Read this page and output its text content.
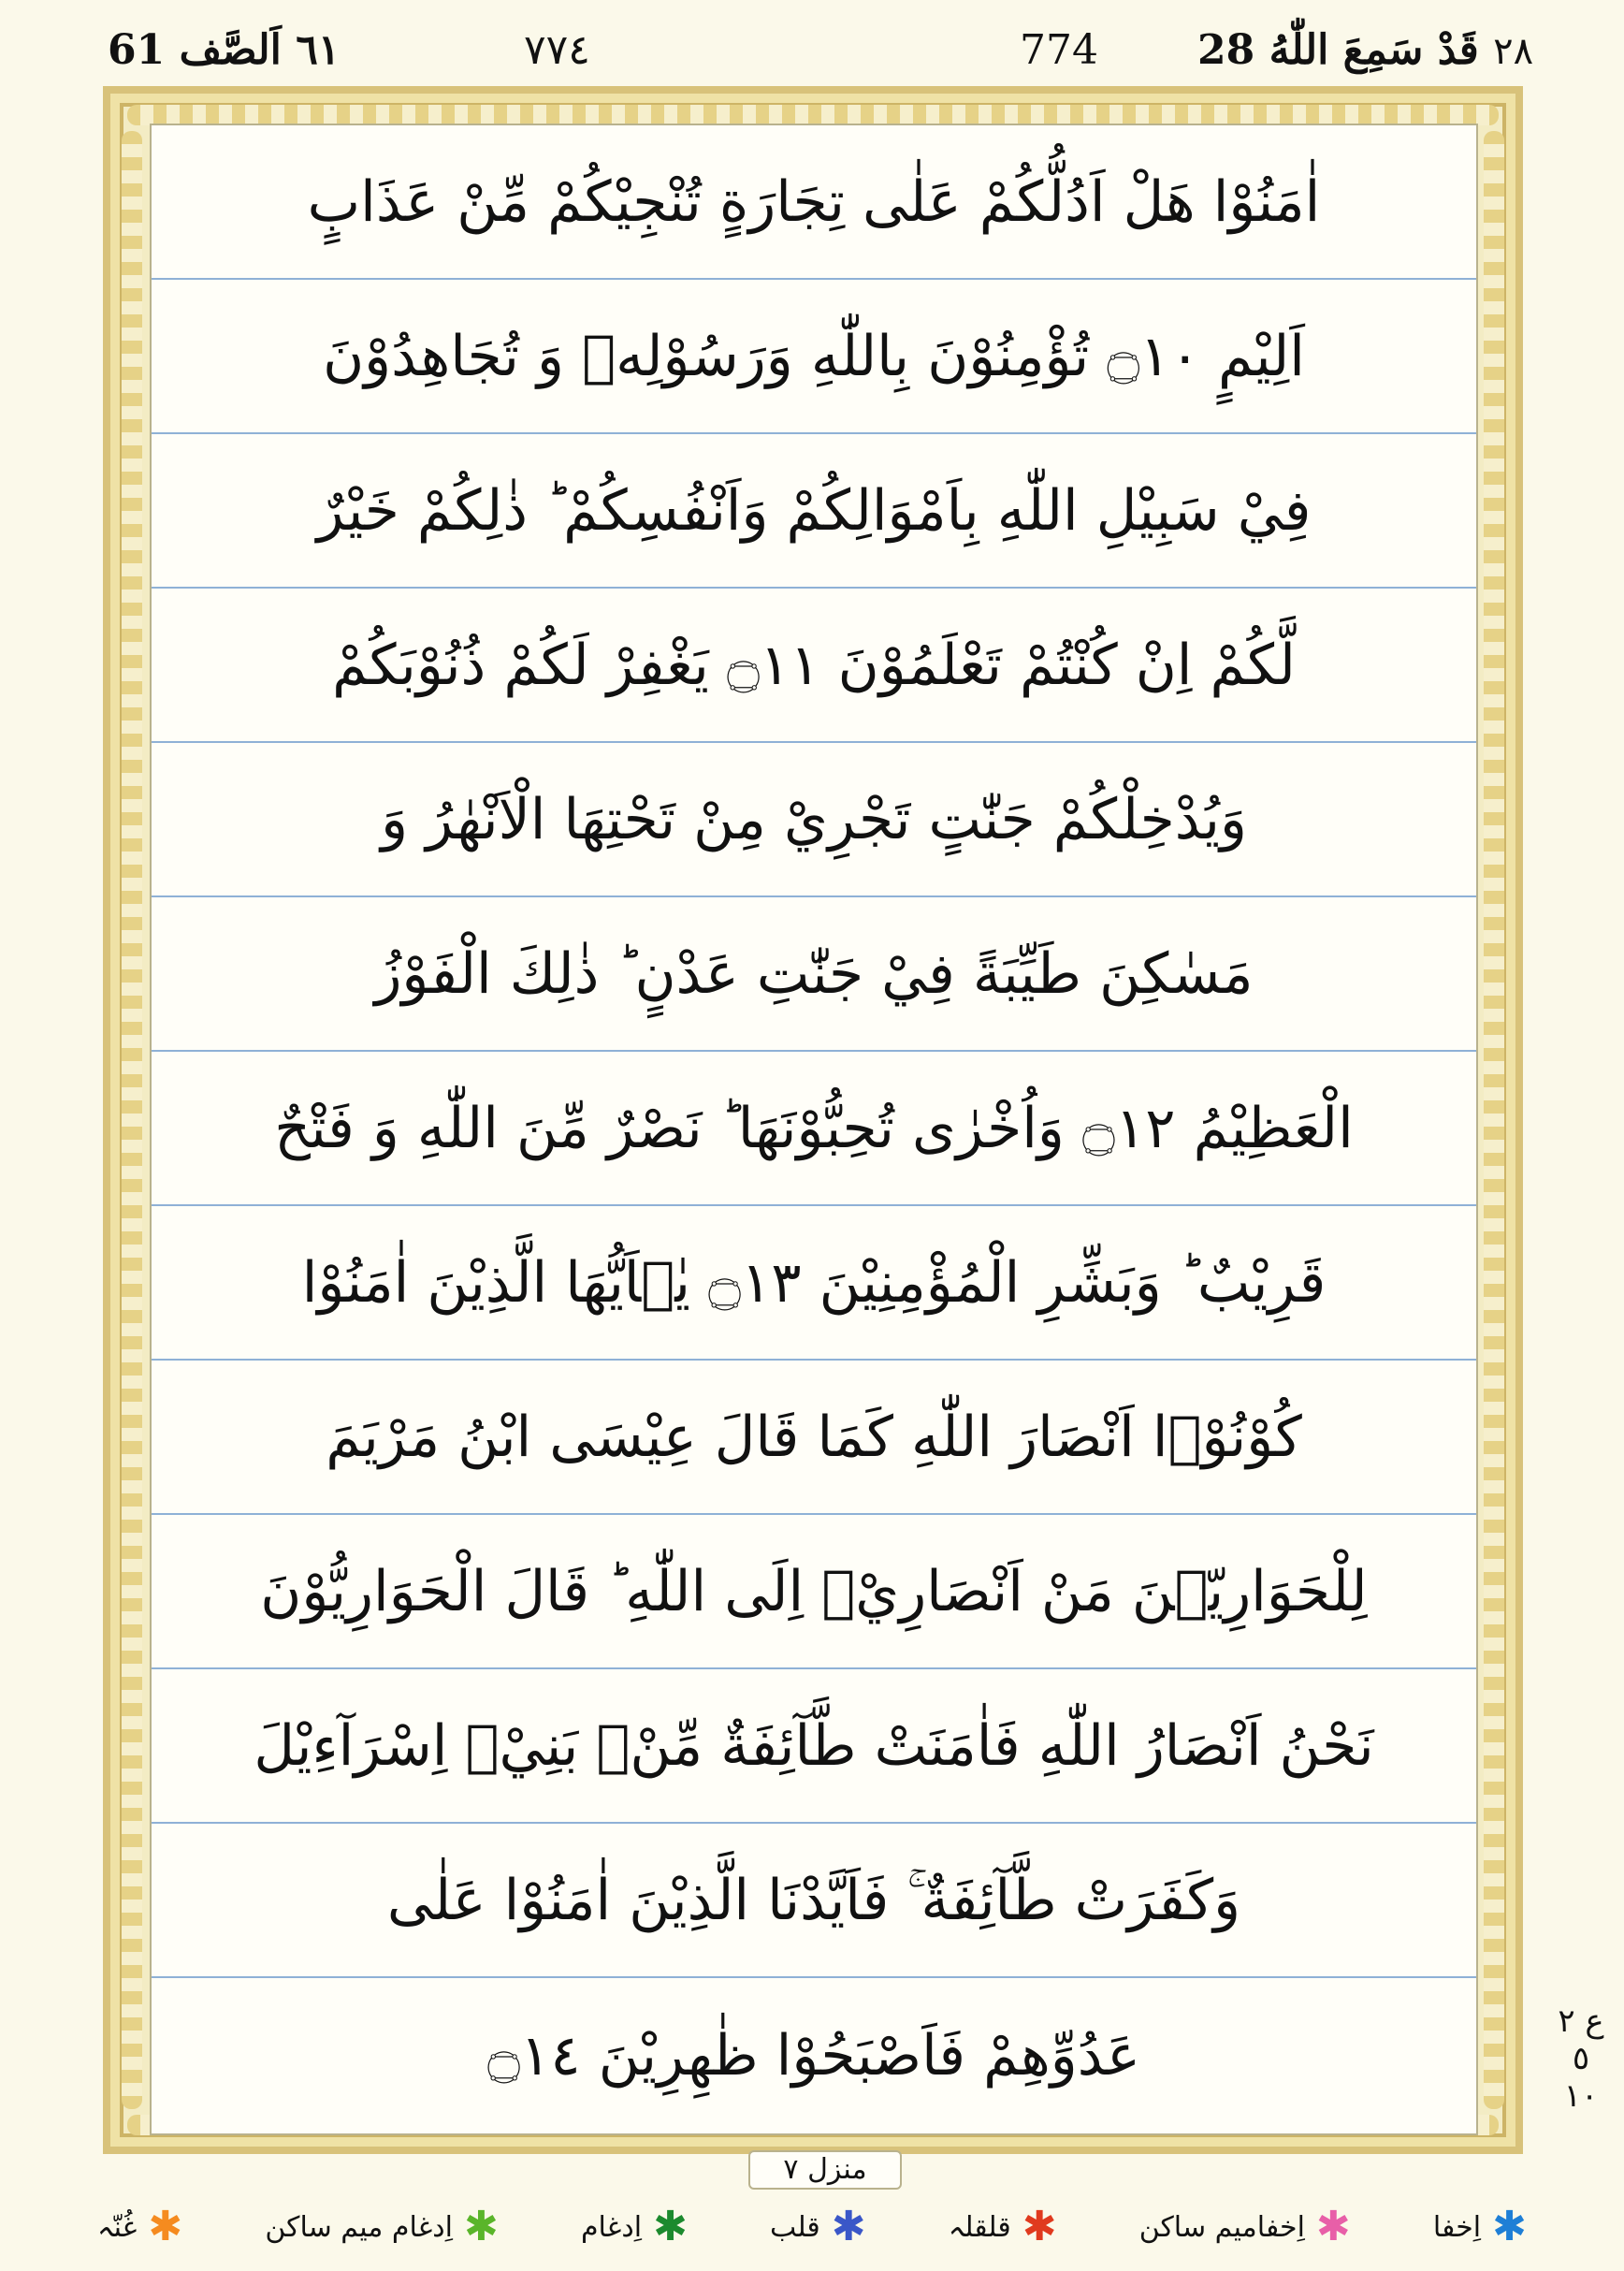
٦١ اَلصَّف 61	٧٧٤	774	٢٨ قَدْ سَمِعَ اللّٰهُ 28
اٰمَنُوْا هَلْ اَدُلُّكُمْ عَلٰى تِجَارَةٍ تُنْجِيْكُمْ مِّنْ عَذَابٍ
اَلِيْمٍ ۝١٠ تُؤْمِنُوْنَ بِاللّٰهِ وَرَسُوْلِهٖ وَ تُجَاهِدُوْنَ
فِيْ سَبِيْلِ اللّٰهِ بِاَمْوَالِكُمْ وَاَنْفُسِكُمْ ؕ ذٰلِكُمْ خَيْرٌ
لَّكُمْ اِنْ كُنْتُمْ تَعْلَمُوْنَ ۝١١ يَغْفِرْ لَكُمْ ذُنُوْبَكُمْ
وَيُدْخِلْكُمْ جَنّٰتٍ تَجْرِيْ مِنْ تَحْتِهَا الْاَنْهٰرُ وَ
مَسٰكِنَ طَيِّبَةً فِيْ جَنّٰتِ عَدْنٍ ؕ ذٰلِكَ الْفَوْزُ
الْعَظِيْمُ ۝١٢ وَاُخْرٰى تُحِبُّوْنَهَا ؕ نَصْرٌ مِّنَ اللّٰهِ وَ فَتْحٌ
قَرِيْبٌ ؕ وَبَشِّرِ الْمُؤْمِنِيْنَ ۝١٣ يٰۤاَيُّهَا الَّذِيْنَ اٰمَنُوْا
كُوْنُوْۤا اَنْصَارَ اللّٰهِ كَمَا قَالَ عِيْسَى ابْنُ مَرْيَمَ
لِلْحَوَارِيّٖنَ مَنْ اَنْصَارِيْۤ اِلَى اللّٰهِ ؕ قَالَ الْحَوَارِيُّوْنَ
نَحْنُ اَنْصَارُ اللّٰهِ فَاٰمَنَتْ طَّآئِفَةٌ مِّنْۢ بَنِيْۤ اِسْرَآءِيْلَ
وَكَفَرَتْ طَّآئِفَةٌ ۚ فَاَيَّدْنَا الَّذِيْنَ اٰمَنُوْا عَلٰى
عَدُوِّهِمْ فَاَصْبَحُوْا ظٰهِرِيْنَ ۝١٤
ع ٢ ٥ ١٠
منزل ٧
✱
اِخفا
✱
اِخفامیم ساکن
✱
قلقلہ
✱
قلب
✱
اِدغام
✱
اِدغام میم ساکن
✱
غُنّہ
